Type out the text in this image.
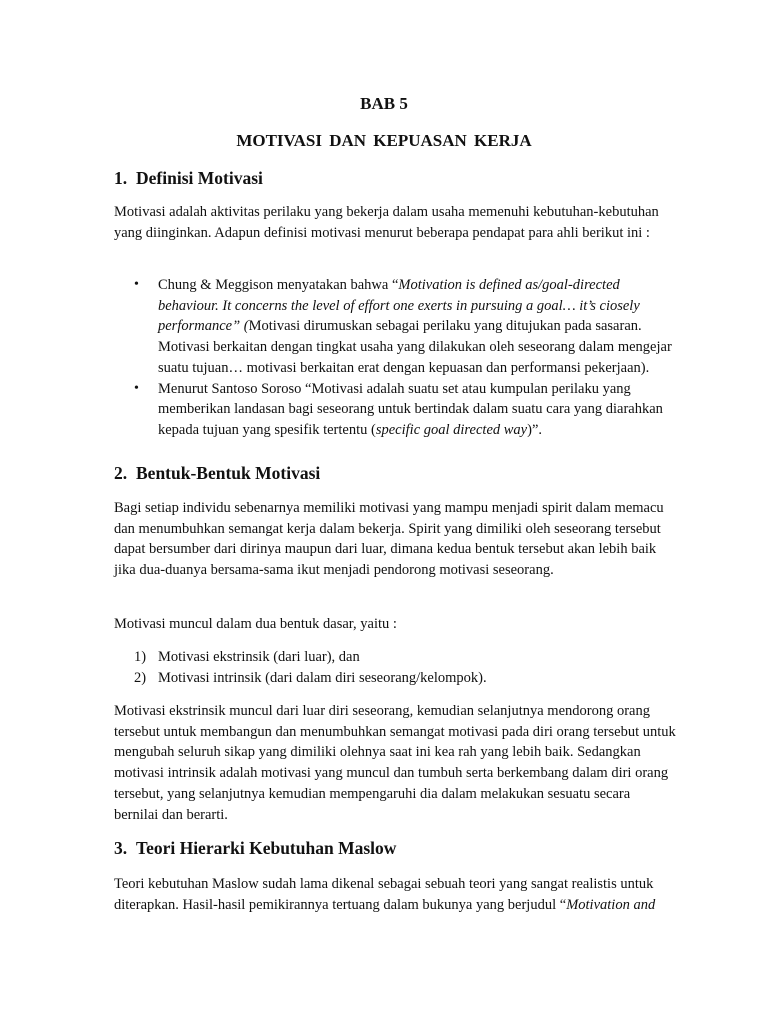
BAB 5
MOTIVASI DAN KEPUASAN KERJA
1. Definisi Motivasi

Motivasi adalah aktivitas perilaku yang bekerja dalam usaha memenuhi kebutuhan-kebutuhan yang diinginkan. Adapun definisi motivasi menurut beberapa pendapat para ahli berikut ini :

• Chung & Meggison menyatakan bahwa “Motivation is defined as/goal-directed behaviour. It concerns the level of effort one exerts in pursuing a goal… it’s ciosely performance” (Motivasi dirumuskan sebagai perilaku yang ditujukan pada sasaran. Motivasi berkaitan dengan tingkat usaha yang dilakukan oleh seseorang dalam mengejar suatu tujuan… motivasi berkaitan erat dengan kepuasan dan performansi pekerjaan).
• Menurut Santoso Soroso “Motivasi adalah suatu set atau kumpulan perilaku yang memberikan landasan bagi seseorang untuk bertindak dalam suatu cara yang diarahkan kepada tujuan yang spesifik tertentu (specific goal directed way)”.
2. Bentuk-Bentuk Motivasi

Bagi setiap individu sebenarnya memiliki motivasi yang mampu menjadi spirit dalam memacu dan menumbuhkan semangat kerja dalam bekerja. Spirit yang dimiliki oleh seseorang tersebut dapat bersumber dari dirinya maupun dari luar, dimana kedua bentuk tersebut akan lebih baik jika dua-duanya bersama-sama ikut menjadi pendorong motivasi seseorang.

Motivasi muncul dalam dua bentuk dasar, yaitu :

1) Motivasi ekstrinsik (dari luar), dan
2) Motivasi intrinsik (dari dalam diri seseorang/kelompok).

Motivasi ekstrinsik muncul dari luar diri seseorang, kemudian selanjutnya mendorong orang tersebut untuk membangun dan menumbuhkan semangat motivasi pada diri orang tersebut untuk mengubah seluruh sikap yang dimiliki olehnya saat ini kea rah yang lebih baik. Sedangkan motivasi intrinsik adalah motivasi yang muncul dan tumbuh serta berkembang dalam diri orang tersebut, yang selanjutnya kemudian mempengaruhi dia dalam melakukan sesuatu secara bernilai dan berarti.

3. Teori Hierarki Kebutuhan Maslow

Teori kebutuhan Maslow sudah lama dikenal sebagai sebuah teori yang sangat realistis untuk diterapkan. Hasil-hasil pemikirannya tertuang dalam bukunya yang berjudul “Motivation and
